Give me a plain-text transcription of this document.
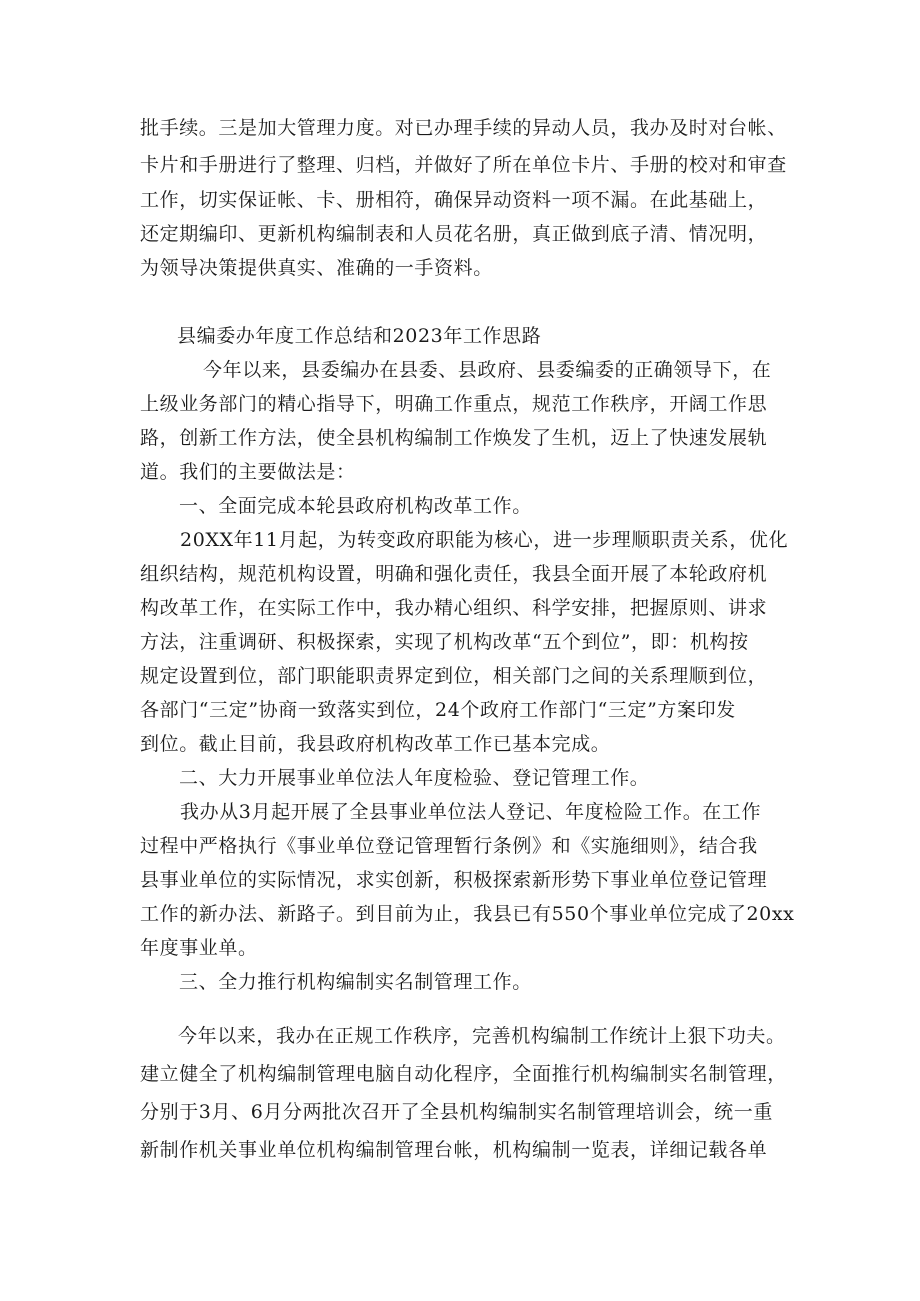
批手续。三是加大管理力度。对已办理手续的异动人员，我办及时对台帐、
卡片和手册进行了整理、归档，并做好了所在单位卡片、手册的校对和审查
工作，切实保证帐、卡、册相符，确保异动资料一项不漏。在此基础上，
还定期编印、更新机构编制表和人员花名册，真正做到底子清、情况明，
为领导决策提供真实、准确的一手资料。
县编委办年度工作总结和2023年工作思路
今年以来，县委编办在县委、县政府、县委编委的正确领导下，在
上级业务部门的精心指导下，明确工作重点，规范工作秩序，开阔工作思
路，创新工作方法，使全县机构编制工作焕发了生机，迈上了快速发展轨
道。我们的主要做法是：
一、全面完成本轮县政府机构改革工作。
20XX年11月起，为转变政府职能为核心，进一步理顺职责关系，优化
组织结构，规范机构设置，明确和强化责任，我县全面开展了本轮政府机
构改革工作，在实际工作中，我办精心组织、科学安排，把握原则、讲求
方法，注重调研、积极探索，实现了机构改革“五个到位”，即：机构按
规定设置到位，部门职能职责界定到位，相关部门之间的关系理顺到位，
各部门“三定”协商一致落实到位，24个政府工作部门“三定”方案印发
到位。截止目前，我县政府机构改革工作已基本完成。
二、大力开展事业单位法人年度检验、登记管理工作。
我办从3月起开展了全县事业单位法人登记、年度检险工作。在工作
过程中严格执行《事业单位登记管理暂行条例》和《实施细则》，结合我
县事业单位的实际情况，求实创新，积极探索新形势下事业单位登记管理
工作的新办法、新路子。到目前为止，我县已有550个事业单位完成了20xx
年度事业单。
三、全力推行机构编制实名制管理工作。
今年以来，我办在正规工作秩序，完善机构编制工作统计上狠下功夫。
建立健全了机构编制管理电脑自动化程序，全面推行机构编制实名制管理，
分别于3月、6月分两批次召开了全县机构编制实名制管理培训会，统一重
新制作机关事业单位机构编制管理台帐，机构编制一览表，详细记载各单
